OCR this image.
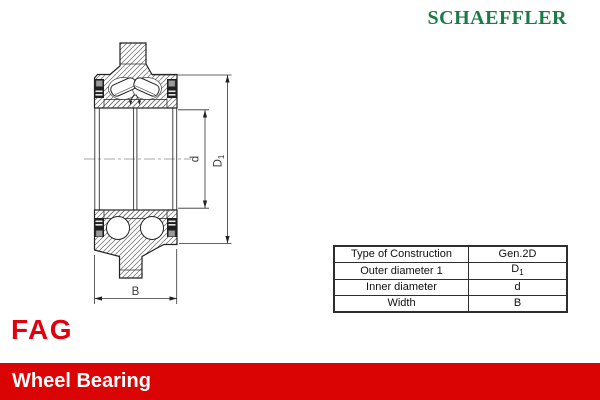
SCHAEFFLER
B
d
$D_1$
Type of Construction	Gen.2D
Outer diameter 1	$D_1$
Inner diameter	d
Width	B
FAG
Wheel Bearing
